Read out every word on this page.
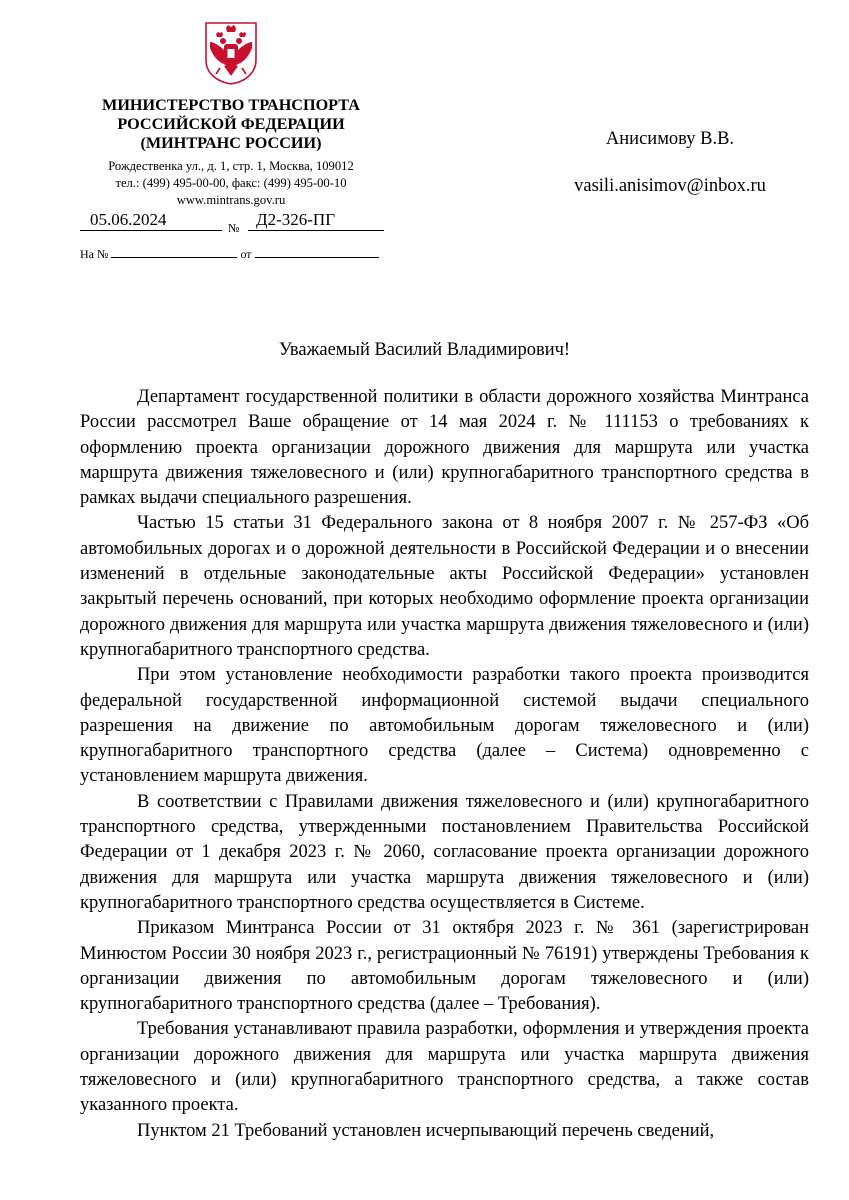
МИНИСТЕРСТВО ТРАНСПОРТА
РОССИЙСКОЙ ФЕДЕРАЦИИ
(МИНТРАНС РОССИИ)
Рождественка ул., д. 1, стр. 1, Москва, 109012
тел.: (499) 495-00-00, факс: (499) 495-00-10
www.mintrans.gov.ru
05.06.2024	№ Д2-326-ПГ
На №	от
Анисимову В.В.
vasili.anisimov@inbox.ru
Уважаемый Василий Владимирович!

Департамент государственной политики в области дорожного хозяйства Минтранса России рассмотрел Ваше обращение от 14 мая 2024 г. № 111153 о требованиях к оформлению проекта организации дорожного движения для маршрута или участка маршрута движения тяжеловесного и (или) крупногабаритного транспортного средства в рамках выдачи специального разрешения.

Частью 15 статьи 31 Федерального закона от 8 ноября 2007 г. № 257-ФЗ «Об автомобильных дорогах и о дорожной деятельности в Российской Федерации и о внесении изменений в отдельные законодательные акты Российской Федерации» установлен закрытый перечень оснований, при которых необходимо оформление проекта организации дорожного движения для маршрута или участка маршрута движения тяжеловесного и (или) крупногабаритного транспортного средства.

При этом установление необходимости разработки такого проекта производится федеральной государственной информационной системой выдачи специального разрешения на движение по автомобильным дорогам тяжеловесного и (или) крупногабаритного транспортного средства (далее – Система) одновременно с установлением маршрута движения.

В соответствии с Правилами движения тяжеловесного и (или) крупногабаритного транспортного средства, утвержденными постановлением Правительства Российской Федерации от 1 декабря 2023 г. № 2060, согласование проекта организации дорожного движения для маршрута или участка маршрута движения тяжеловесного и (или) крупногабаритного транспортного средства осуществляется в Системе.

Приказом Минтранса России от 31 октября 2023 г. № 361 (зарегистрирован Минюстом России 30 ноября 2023 г., регистрационный № 76191) утверждены Требования к организации движения по автомобильным дорогам тяжеловесного и (или) крупногабаритного транспортного средства (далее – Требования).

Требования устанавливают правила разработки, оформления и утверждения проекта организации дорожного движения для маршрута или участка маршрута движения тяжеловесного и (или) крупногабаритного транспортного средства, а также состав указанного проекта.

Пунктом 21 Требований установлен исчерпывающий перечень сведений,
